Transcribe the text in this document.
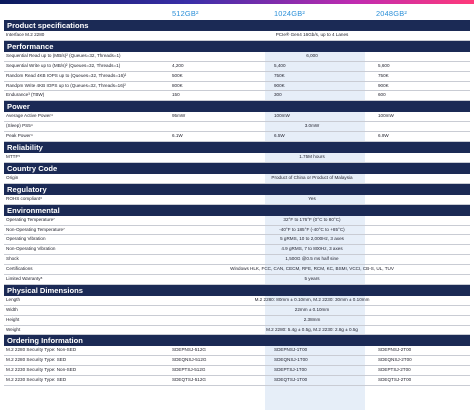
512GB²	1024GB²	2048GB²
Product specifications
Interface M.2 2280	PCIe® Gen4 16Gb/s, up to 4 Lanes
Performance
Sequential Read up to (MB/s)² (Queues=32, Threads=1)	6,000
Sequential Write up to (MB/s)² (Queues=32, Threads=1)	4,200	5,400	5,600
Random Read 4KB IOPS up to (Queues=32, Threads=16)²	500K	750K	750K
Randpm Write 4KB IOPS up to (Queues=32, Threads=16)²	800K	900K	900K
Endurance³ (TBW)	150	300	600
Power
Average Active Power⁴	95mW	100mW	100mW
(Sleep) PS5⁴	3.0mW
Peak Power⁴	6.1W	6.5W	6.9W
Reliability
MTTF⁵	1.75M hours
Country Code
Origin	Product of China or Product of Malaysia
Regulatory
ROHS compliant⁶	Yes
Environmental
Operating Temperature⁷	32°F to 176°F (0°C to 80°C)
Non-Operating Temperature⁷	-40°F to 185°F (-40°C to +85°C)
Operating Vibration	5 gRMS, 10 to 2,000Hz, 3 axes
Non-Operating Vibration	4.9 gRMS, 7 to 800Hz, 3 axes
Shock	1,500G @0.5 ms half sine
Certifications	Windows HLK, FCC, CAN, CECM, RFE, RCM, KC, BSMI, VCCI, CB-S, UL, TUV
Limited Warranty⁸	5 years
Physical Dimensions
Length	M.2 2280: 80mm ± 0.10mm, M.2 2230: 30mm ± 0.10mm
Width	22mm ± 0.10mm
Height	2.38mm
Weight	M.2 2280: 5.4g ± 0.5g, M.2 2230: 2.8g ± 0.5g
Ordering Information
M.2 2280 Security Type: Non-SED	SDEPNSJ-512G	SDEPNSJ-1T00	SDEPNSJ-2T00
M.2 2280 Security Type: SED	SDEQNSJ-512G	SDEQNSJ-1T00	SDEQNSJ-2T00
M.2 2230 Security Type: Non-SED	SDEPTSJ-512G	SDEPTSJ-1T00	SDEPTSJ-2T00
M.2 2230 Security Type: SED	SDEQTSJ-512G	SDEQTSJ-1T00	SDEQTSJ-2T00
